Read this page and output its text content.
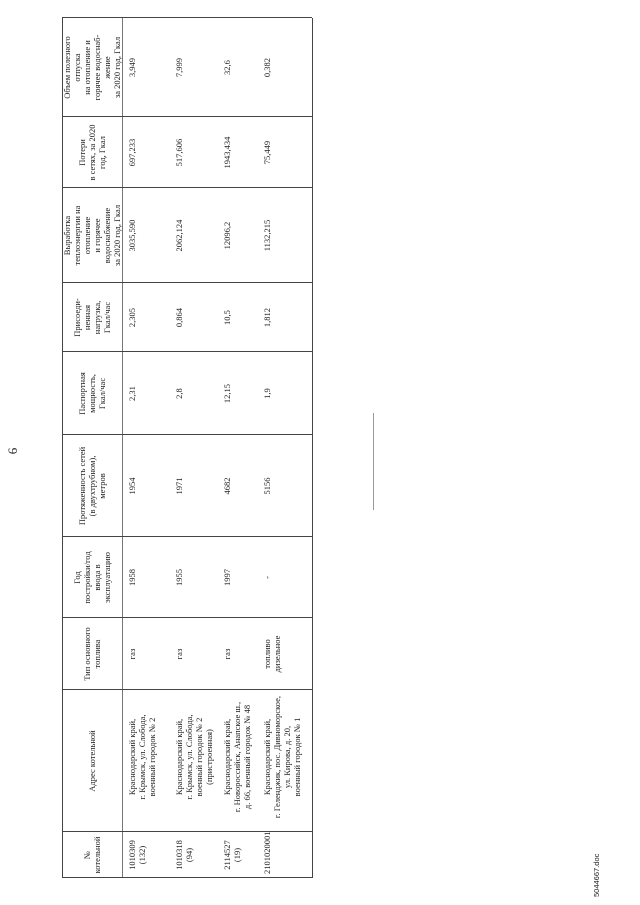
6
№ котельной
Адрес котельной
Тип основного топлива
Год постройки/год ввода в эксплуатацию
Протяженность сетей (в двухтрубном), метров
Паспортная мощность, Гкал/час
Присоеди- ненная нагрузка, Гкал/час
Выработка теплоэнергии на отопление и горячее водоснабжение за 2020 год, Гкал
Потери в сетях, за 2020 год, Гкал
Объем полезного отпуска на отопление и горячее водоснаб- жение за 2020 год, Гкал
1010309 (132)
Краснодарский край, г. Крымск, ул. Слобода, военный городок № 2
газ
1958
1954
2,31
2,305
3035,590
697,233
3,949
1010318 (94)
Краснодарский край, г. Крымск, ул. Слобода, военный городок № 2 (пристроенная)
газ
1955
1971
2,8
0,864
2062,124
517,606
7,999
2114527 (19)
Краснодарский край, г. Новороссийск, Анапское ш., д. 66, военный городок № 48
газ
1997
4682
12,15
10,5
12096,2
1943,434
32,6
2101020001
Краснодарский край, г. Геленджик, пос. Дивноморское, ул. Кирова, д. 20, военный городок № 1
топливо дизельное
-
5156
1,9
1,812
1132,215
75,449
0,382
5044667.doc
